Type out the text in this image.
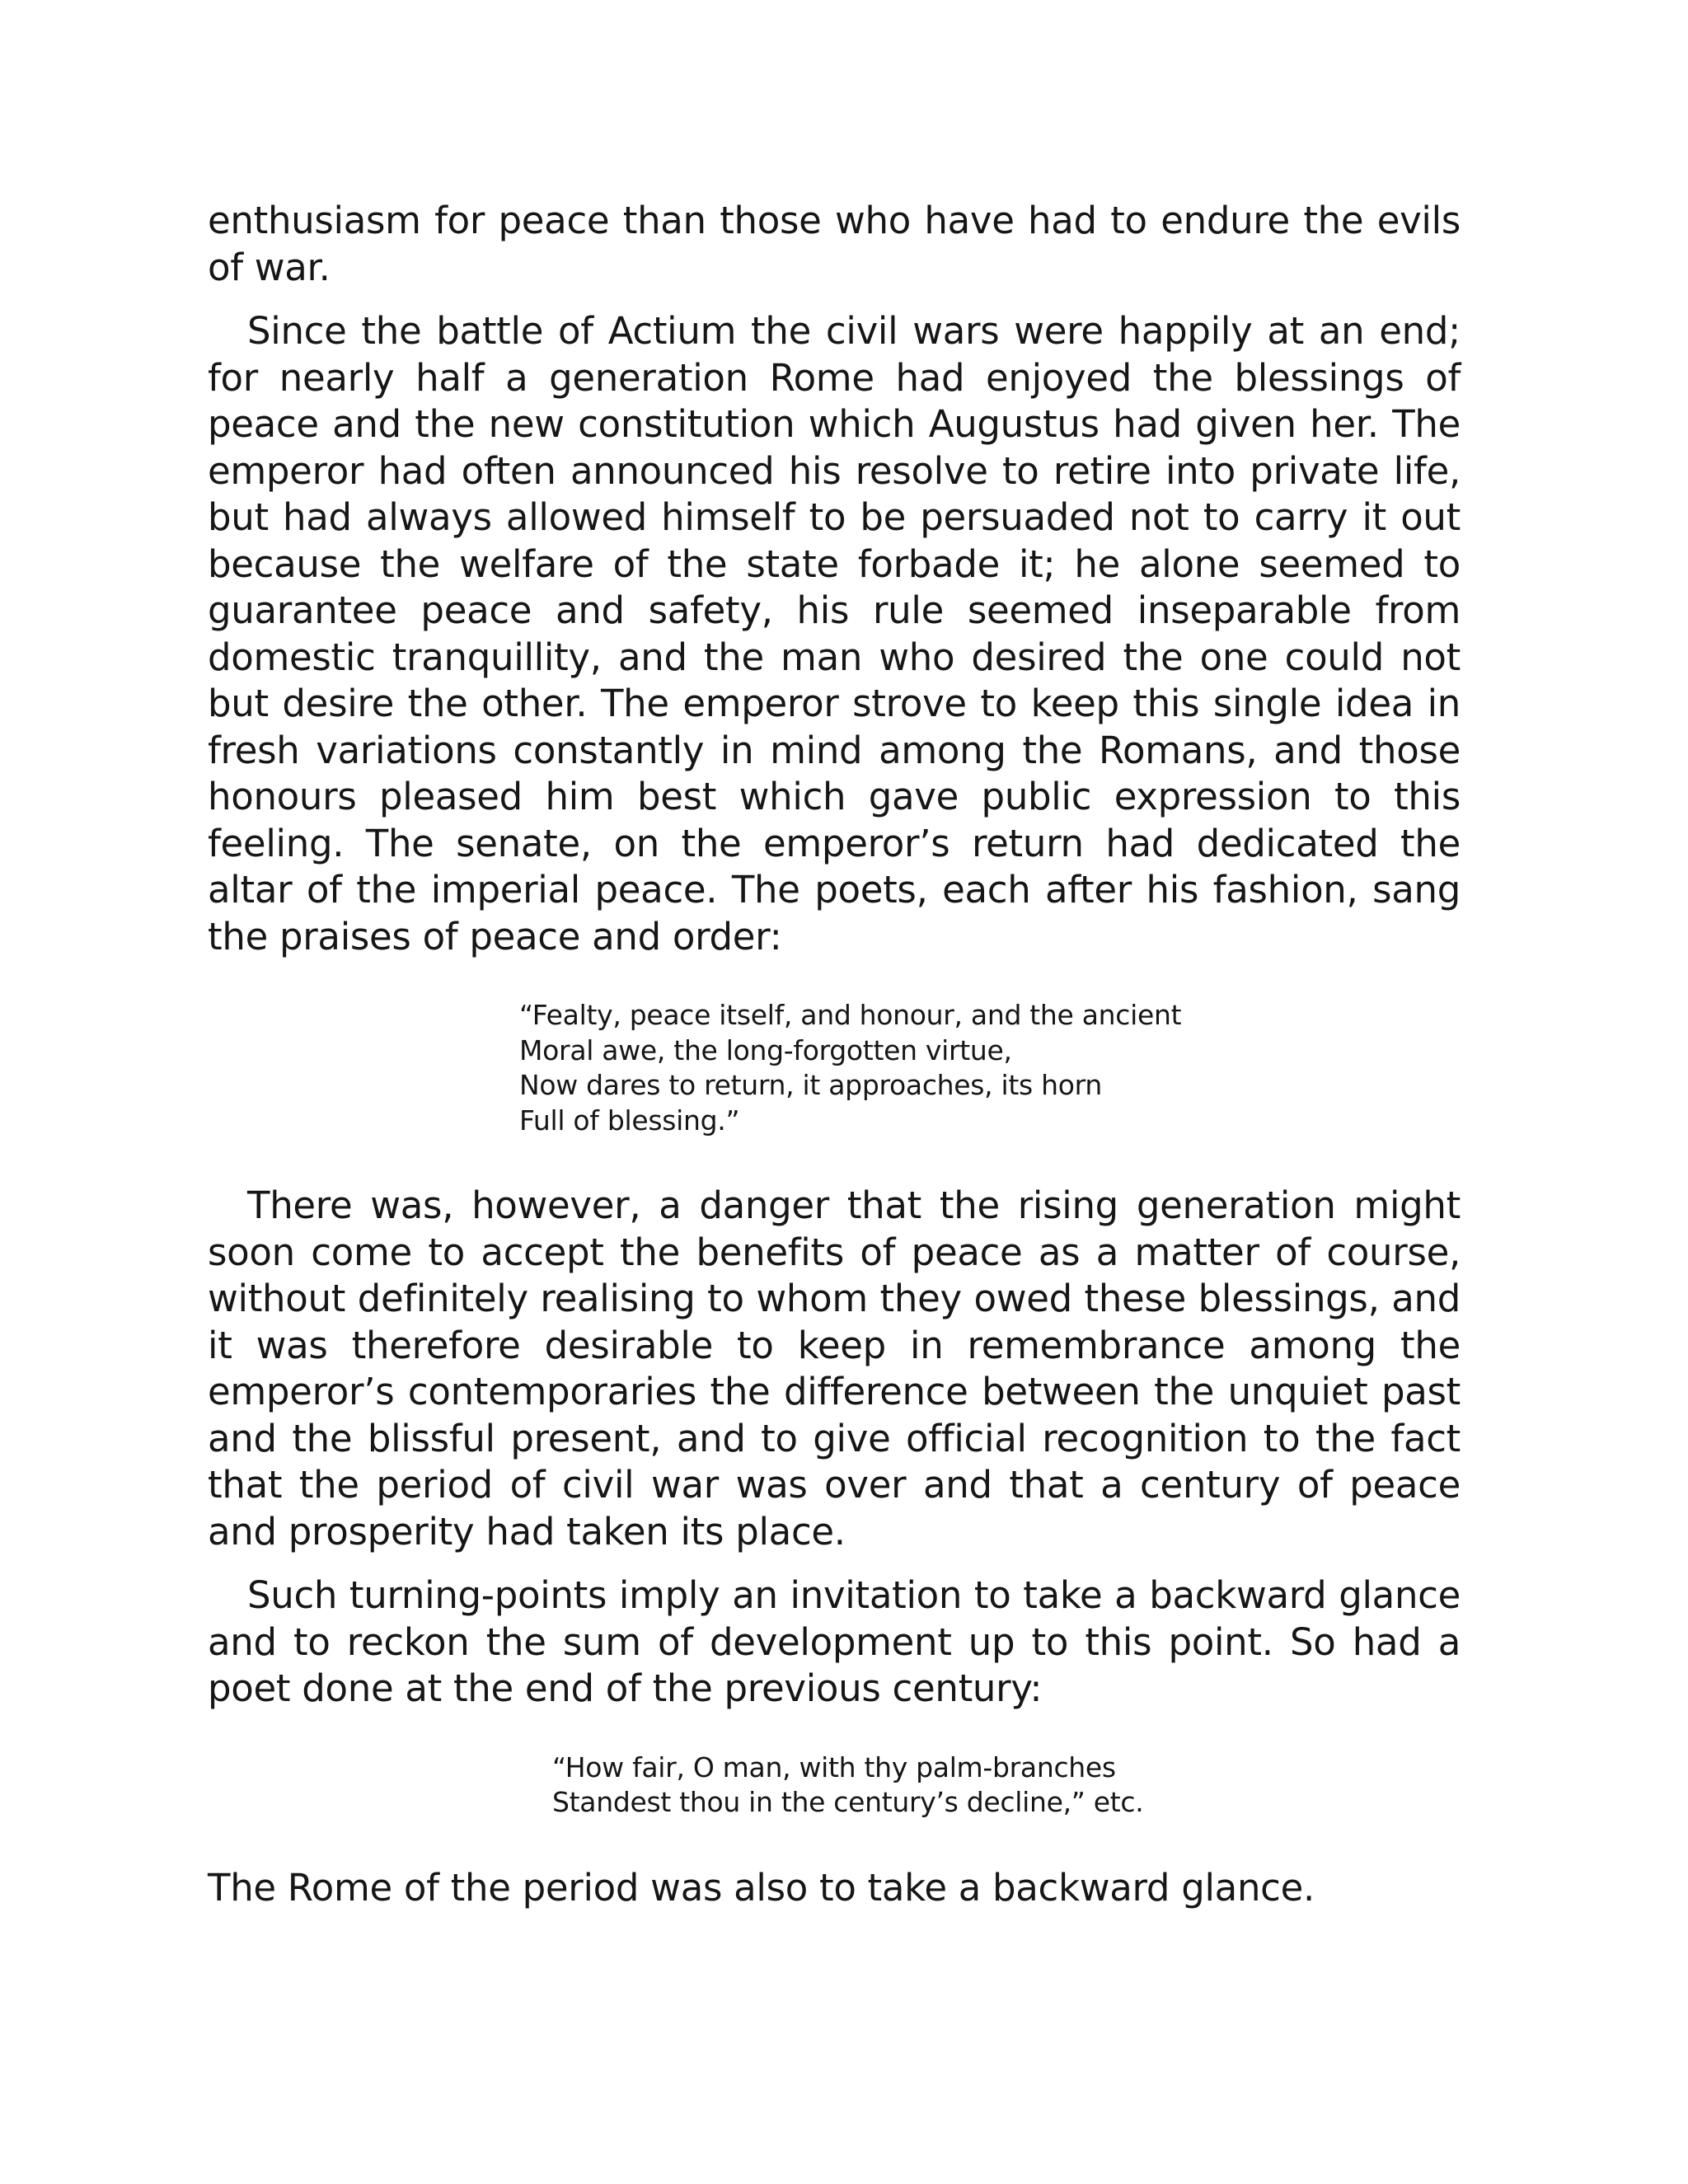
enthusiasm for peace than those who have had to endure the evils of war.

Since the battle of Actium the civil wars were happily at an end; for nearly half a generation Rome had enjoyed the blessings of peace and the new constitution which Augustus had given her. The emperor had often announced his resolve to retire into private life, but had always allowed himself to be persuaded not to carry it out because the welfare of the state forbade it; he alone seemed to guarantee peace and safety, his rule seemed inseparable from domestic tranquillity, and the man who desired the one could not but desire the other. The emperor strove to keep this single idea in fresh variations constantly in mind among the Romans, and those honours pleased him best which gave public expression to this feeling. The senate, on the emperor’s return had dedicated the altar of the imperial peace. The poets, each after his fashion, sang the praises of peace and order:

“Fealty, peace itself, and honour, and the ancient
Moral awe, the long-forgotten virtue,
Now dares to return, it approaches, its horn
Full of blessing.”

There was, however, a danger that the rising generation might soon come to accept the benefits of peace as a matter of course, without definitely realising to whom they owed these blessings, and it was therefore desirable to keep in remembrance among the emperor’s contemporaries the difference between the unquiet past and the blissful present, and to give official recognition to the fact that the period of civil war was over and that a century of peace and prosperity had taken its place.

Such turning-points imply an invitation to take a backward glance and to reckon the sum of development up to this point. So had a poet done at the end of the previous century:

“How fair, O man, with thy palm-branches
Standest thou in the century’s decline,” etc.

The Rome of the period was also to take a backward glance.
